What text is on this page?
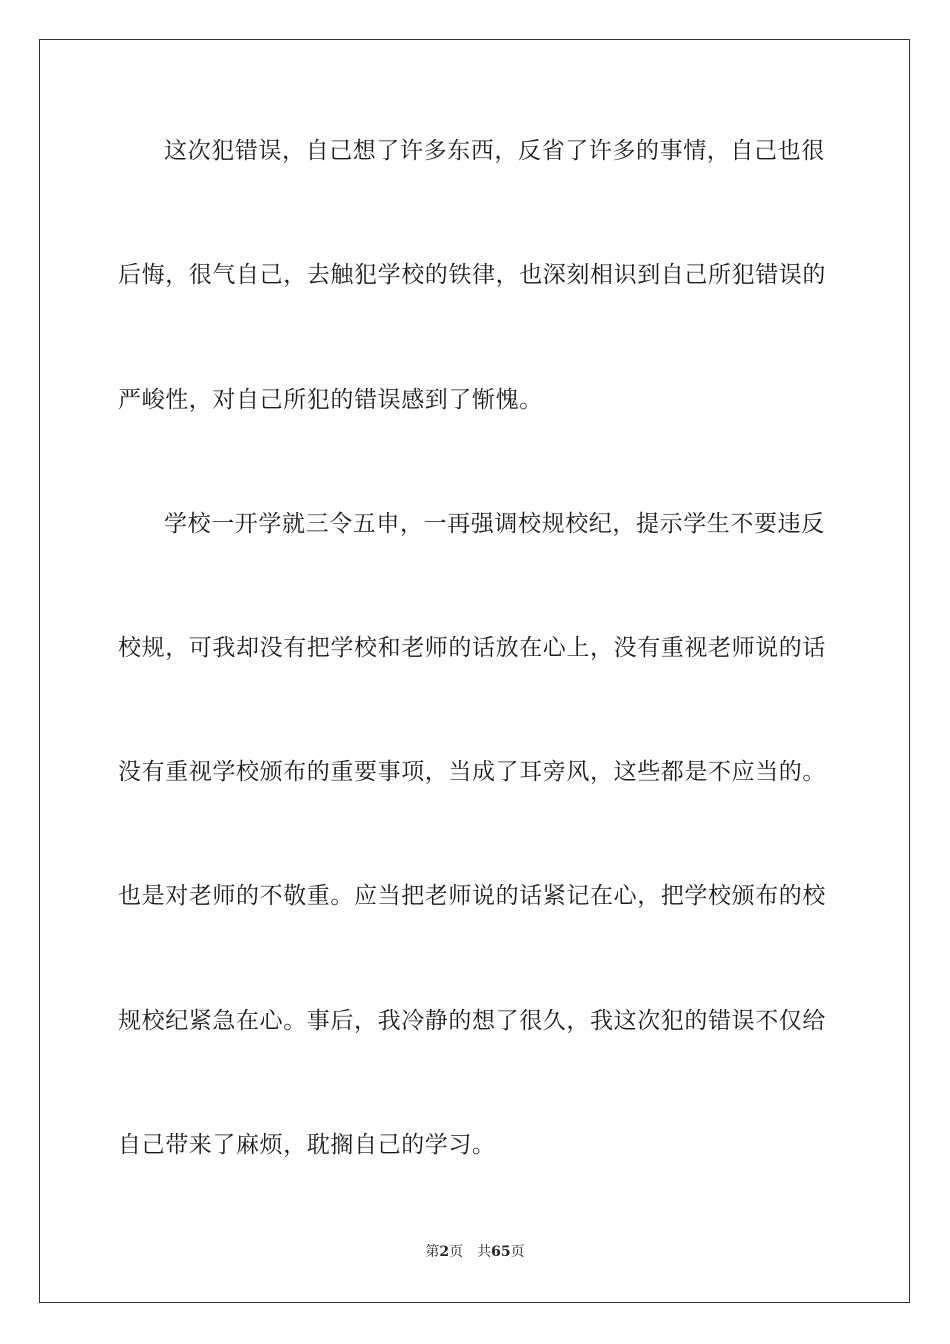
这次犯错误，自己想了许多东西，反省了许多的事情，自己也很
后悔，很气自己，去触犯学校的铁律，也深刻相识到自己所犯错误的
严峻性，对自己所犯的错误感到了惭愧。
学校一开学就三令五申，一再强调校规校纪，提示学生不要违反
校规，可我却没有把学校和老师的话放在心上，没有重视老师说的话
没有重视学校颁布的重要事项，当成了耳旁风，这些都是不应当的。
也是对老师的不敬重。应当把老师说的话紧记在心，把学校颁布的校
规校纪紧急在心。事后，我冷静的想了很久，我这次犯的错误不仅给
自己带来了麻烦，耽搁自己的学习。
第2页 共65页
